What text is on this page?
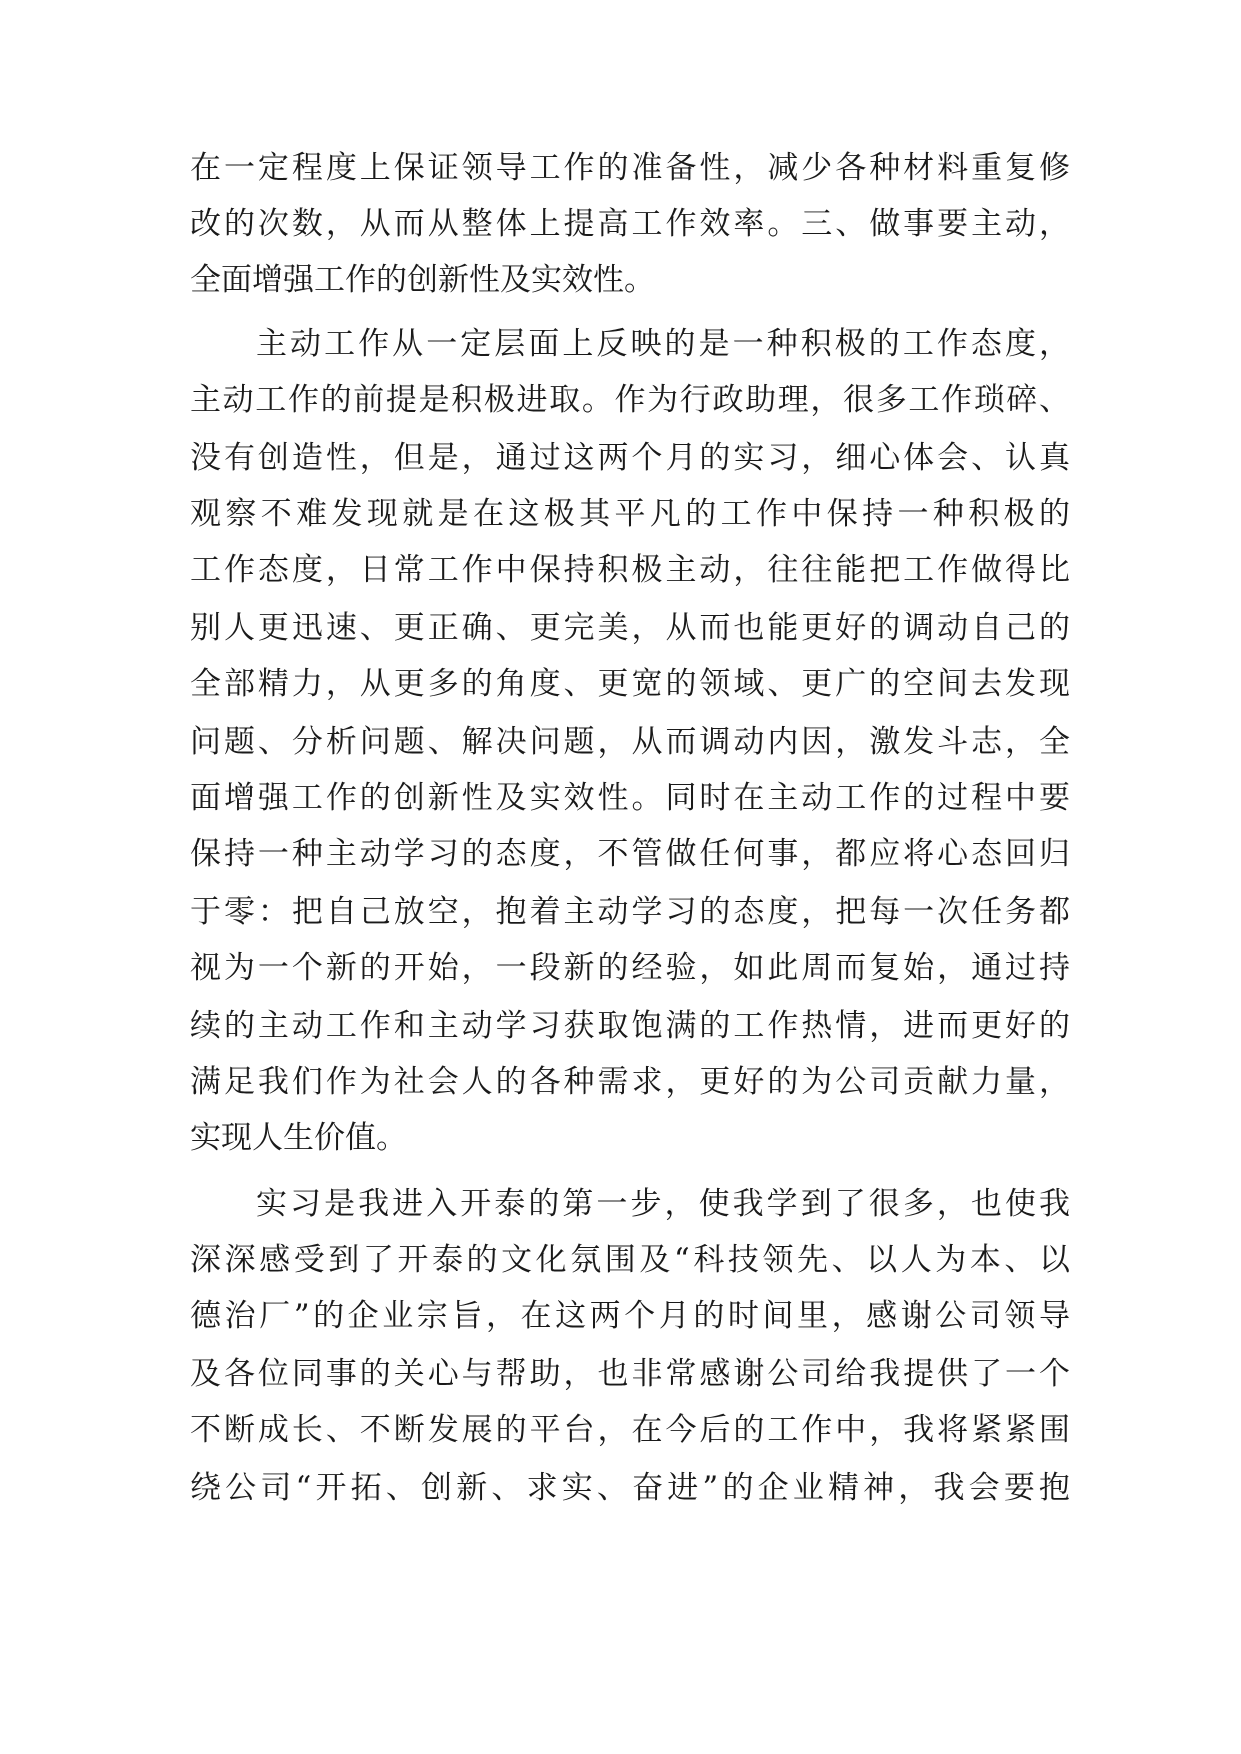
在一定程度上保证领导工作的准备性，减少各种材料重复修
改的次数，从而从整体上提高工作效率。三、做事要主动，
全面增强工作的创新性及实效性。
主动工作从一定层面上反映的是一种积极的工作态度，
主动工作的前提是积极进取。作为行政助理，很多工作琐碎、
没有创造性，但是，通过这两个月的实习，细心体会、认真
观察不难发现就是在这极其平凡的工作中保持一种积极的
工作态度，日常工作中保持积极主动，往往能把工作做得比
别人更迅速、更正确、更完美，从而也能更好的调动自己的
全部精力，从更多的角度、更宽的领域、更广的空间去发现
问题、分析问题、解决问题，从而调动内因，激发斗志，全
面增强工作的创新性及实效性。同时在主动工作的过程中要
保持一种主动学习的态度，不管做任何事，都应将心态回归
于零：把自己放空，抱着主动学习的态度，把每一次任务都
视为一个新的开始，一段新的经验，如此周而复始，通过持
续的主动工作和主动学习获取饱满的工作热情，进而更好的
满足我们作为社会人的各种需求，更好的为公司贡献力量，
实现人生价值。
实习是我进入开泰的第一步，使我学到了很多，也使我
深深感受到了开泰的文化氛围及“科技领先、以人为本、以
德治厂”的企业宗旨，在这两个月的时间里，感谢公司领导
及各位同事的关心与帮助，也非常感谢公司给我提供了一个
不断成长、不断发展的平台，在今后的工作中，我将紧紧围
绕公司“开拓、创新、求实、奋进”的企业精神，我会要抱
